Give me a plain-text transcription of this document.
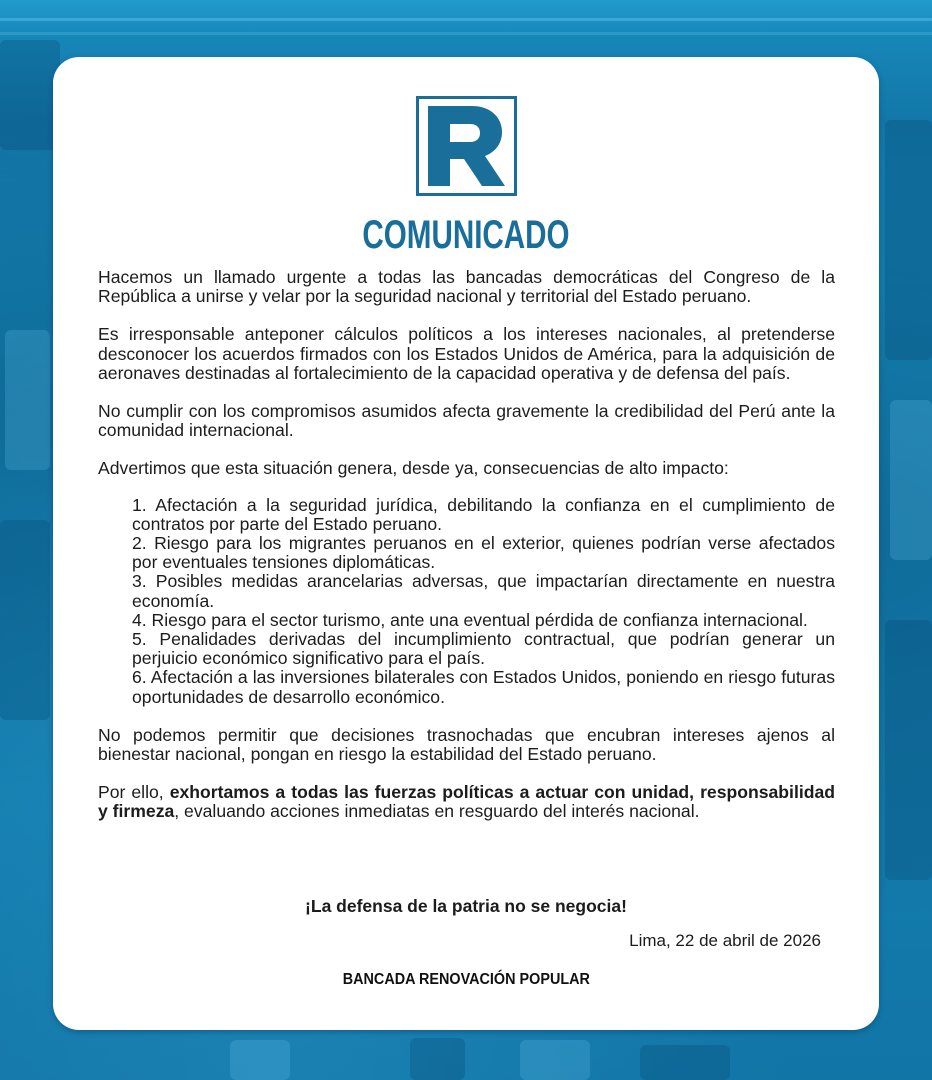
COMUNICADO

Hacemos un llamado urgente a todas las bancadas democráticas del Congreso de la República a unirse y velar por la seguridad nacional y territorial del Estado peruano.

Es irresponsable anteponer cálculos políticos a los intereses nacionales, al pretenderse desconocer los acuerdos firmados con los Estados Unidos de América, para la adquisición de aeronaves destinadas al fortalecimiento de la capacidad operativa y de defensa del país.

No cumplir con los compromisos asumidos afecta gravemente la credibilidad del Perú ante la comunidad internacional.

Advertimos que esta situación genera, desde ya, consecuencias de alto impacto:

1. Afectación a la seguridad jurídica, debilitando la confianza en el cumplimiento de contratos por parte del Estado peruano.
2. Riesgo para los migrantes peruanos en el exterior, quienes podrían verse afectados por eventuales tensiones diplomáticas.
3. Posibles medidas arancelarias adversas, que impactarían directamente en nuestra economía.
4. Riesgo para el sector turismo, ante una eventual pérdida de confianza internacional.
5. Penalidades derivadas del incumplimiento contractual, que podrían generar un perjuicio económico significativo para el país.
6. Afectación a las inversiones bilaterales con Estados Unidos, poniendo en riesgo futuras oportunidades de desarrollo económico.

No podemos permitir que decisiones trasnochadas que encubran intereses ajenos al bienestar nacional, pongan en riesgo la estabilidad del Estado peruano.

Por ello, exhortamos a todas las fuerzas políticas a actuar con unidad, responsabilidad y firmeza, evaluando acciones inmediatas en resguardo del interés nacional.

¡La defensa de la patria no se negocia!
Lima, 22 de abril de 2026
BANCADA RENOVACIÓN POPULAR
